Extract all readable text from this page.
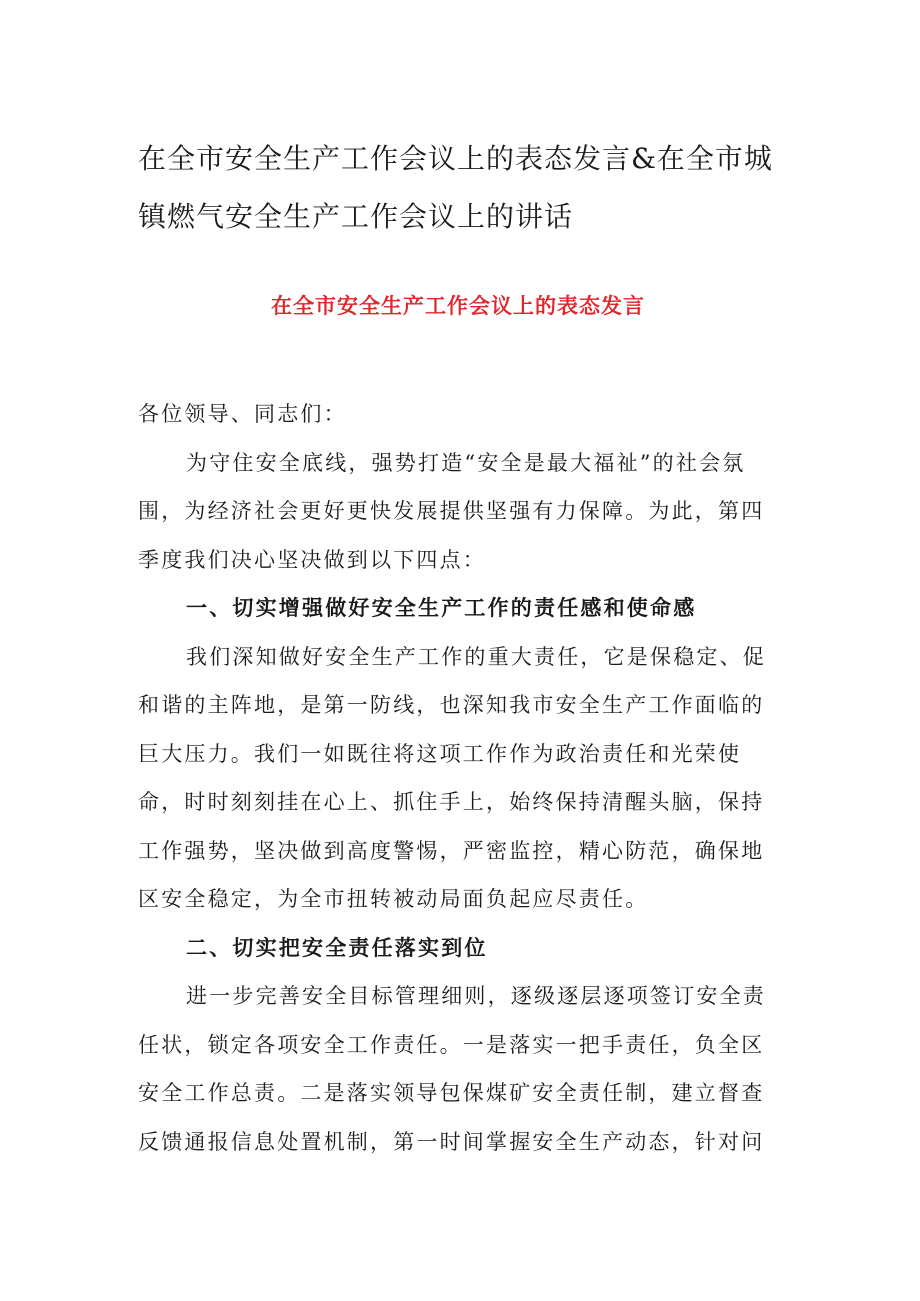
在全市安全生产工作会议上的表态发言&在全市城
镇燃气安全生产工作会议上的讲话
在全市安全生产工作会议上的表态发言
各位领导、同志们：
为守住安全底线，强势打造“安全是最大福祉”的社会氛
围，为经济社会更好更快发展提供坚强有力保障。为此，第四
季度我们决心坚决做到以下四点：
一、切实增强做好安全生产工作的责任感和使命感
我们深知做好安全生产工作的重大责任，它是保稳定、促
和谐的主阵地，是第一防线，也深知我市安全生产工作面临的
巨大压力。我们一如既往将这项工作作为政治责任和光荣使
命，时时刻刻挂在心上、抓住手上，始终保持清醒头脑，保持
工作强势，坚决做到高度警惕，严密监控，精心防范，确保地
区安全稳定，为全市扭转被动局面负起应尽责任。
二、切实把安全责任落实到位
进一步完善安全目标管理细则，逐级逐层逐项签订安全责
任状，锁定各项安全工作责任。一是落实一把手责任，负全区
安全工作总责。二是落实领导包保煤矿安全责任制，建立督查
反馈通报信息处置机制，第一时间掌握安全生产动态，针对问
